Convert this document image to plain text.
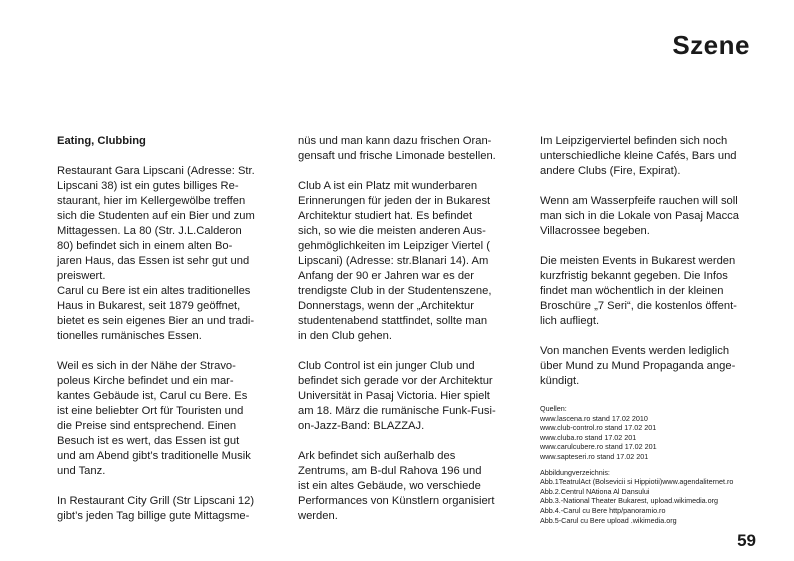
Szene

Eating, Clubbing

Restaurant Gara Lipscani (Adresse: Str.
Lipscani 38) ist ein gutes billiges Re-
staurant, hier im Kellergewölbe treffen
sich die Studenten auf ein Bier und zum
Mittagessen. La 80 (Str. J.L.Calderon
80) befindet sich in einem alten Bo-
jaren Haus, das Essen ist sehr gut und
preiswert.

Carul cu Bere ist ein altes traditionelles
Haus in Bukarest, seit 1879 geöffnet,
bietet es sein eigenes Bier an und tradi-
tionelles rumänisches Essen.

Weil es sich in der Nähe der Stravo-
poleus Kirche befindet und ein mar-
kantes Gebäude ist, Carul cu Bere. Es
ist eine beliebter Ort für Touristen und
die Preise sind entsprechend. Einen
Besuch ist es wert, das Essen ist gut
und am Abend gibt’s traditionelle Musik
und Tanz.

In Restaurant City Grill (Str Lipscani 12)
gibt’s jeden Tag billige gute Mittagsme-

nüs und man kann dazu frischen Oran-
gensaft und frische Limonade bestellen.

Club A ist ein Platz mit wunderbaren
Erinnerungen für jeden der in Bukarest
Architektur studiert hat. Es befindet
sich, so wie die meisten anderen Aus-
gehmöglichkeiten im Leipziger Viertel (
Lipscani) (Adresse: str.Blanari 14). Am
Anfang der 90 er Jahren war es der
trendigste Club in der Studentenszene,
Donnerstags, wenn der „Architektur
studentenabend stattfindet, sollte man
in den Club gehen.

Club Control ist ein junger Club und
befindet sich gerade vor der Architektur
Universität in Pasaj Victoria. Hier spielt
am 18. März die rumänische Funk-Fusi-
on-Jazz-Band: BLAZZAJ.

Ark befindet sich außerhalb des
Zentrums, am B-dul Rahova 196 und
ist ein altes Gebäude, wo verschiede
Performances von Künstlern organisiert
werden.

Im Leipzigerviertel befinden sich noch
unterschiedliche kleine Cafés, Bars und
andere Clubs (Fire, Expirat).

Wenn am Wasserpfeife rauchen will soll
man sich in die Lokale von Pasaj Macca
Villacrossee begeben.

Die meisten Events in Bukarest werden
kurzfristig bekannt gegeben. Die Infos
findet man wöchentlich in der kleinen
Broschüre „7 Seri“, die kostenlos öffent-
lich aufliegt.

Von manchen Events werden lediglich
über Mund zu Mund Propaganda ange-
kündigt.

Quellen:

www.lascena.ro stand 17.02 2010
www.club-control.ro stand 17.02 201
www.cluba.ro stand 17.02 201
www.carulcubere.ro stand 17.02 201
www.sapteseri.ro stand 17.02 201

Abbildungverzeichnis:

Abb.1TeatrulAct (Bolsevicii si Hippiotii)www.agendaliternet.ro
Abb.2.Centrul NAtiona Al Dansului
Abb.3.-National Theater Bukarest, upload.wikimedia.org
Abb.4.-Carul cu Bere http/panoramio.ro
Abb.5-Carul cu Bere upload .wikimedia.org

59
